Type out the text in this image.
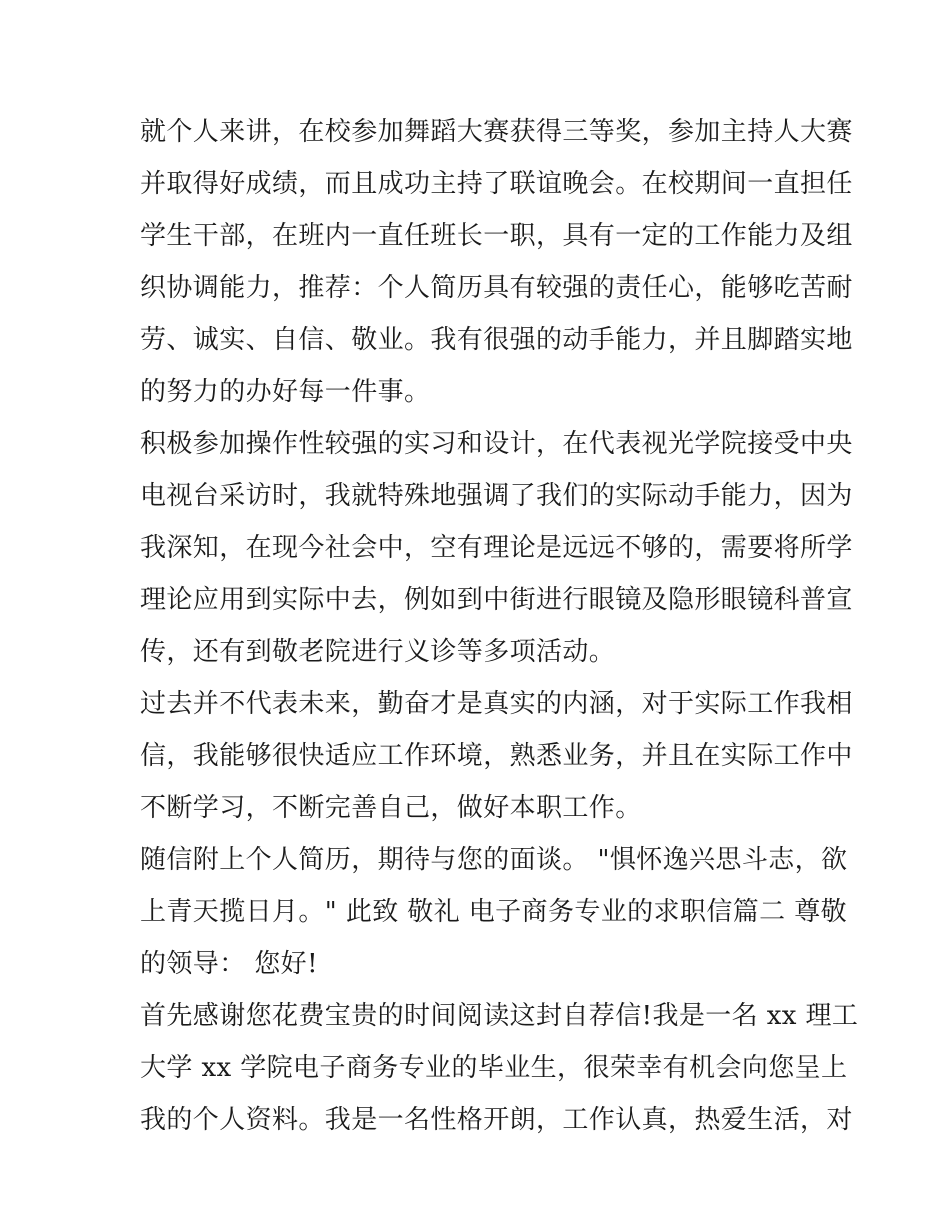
就个人来讲，在校参加舞蹈大赛获得三等奖，参加主持人大赛
并取得好成绩，而且成功主持了联谊晚会。在校期间一直担任
学生干部，在班内一直任班长一职，具有一定的工作能力及组
织协调能力，推荐：个人简历具有较强的责任心，能够吃苦耐
劳、诚实、自信、敬业。我有很强的动手能力，并且脚踏实地
的努力的办好每一件事。
积极参加操作性较强的实习和设计，在代表视光学院接受中央
电视台采访时，我就特殊地强调了我们的实际动手能力，因为
我深知，在现今社会中，空有理论是远远不够的，需要将所学
理论应用到实际中去，例如到中街进行眼镜及隐形眼镜科普宣
传，还有到敬老院进行义诊等多项活动。
过去并不代表未来，勤奋才是真实的内涵，对于实际工作我相
信，我能够很快适应工作环境，熟悉业务，并且在实际工作中
不断学习，不断完善自己，做好本职工作。
随信附上个人简历，期待与您的面谈。 "惧怀逸兴思斗志，欲
上青天揽日月。" 此致 敬礼 电子商务专业的求职信篇二 尊敬
的领导： 您好!
首先感谢您花费宝贵的时间阅读这封自荐信!我是一名 xx 理工
大学 xx 学院电子商务专业的毕业生，很荣幸有机会向您呈上
我的个人资料。我是一名性格开朗，工作认真，热爱生活，对
